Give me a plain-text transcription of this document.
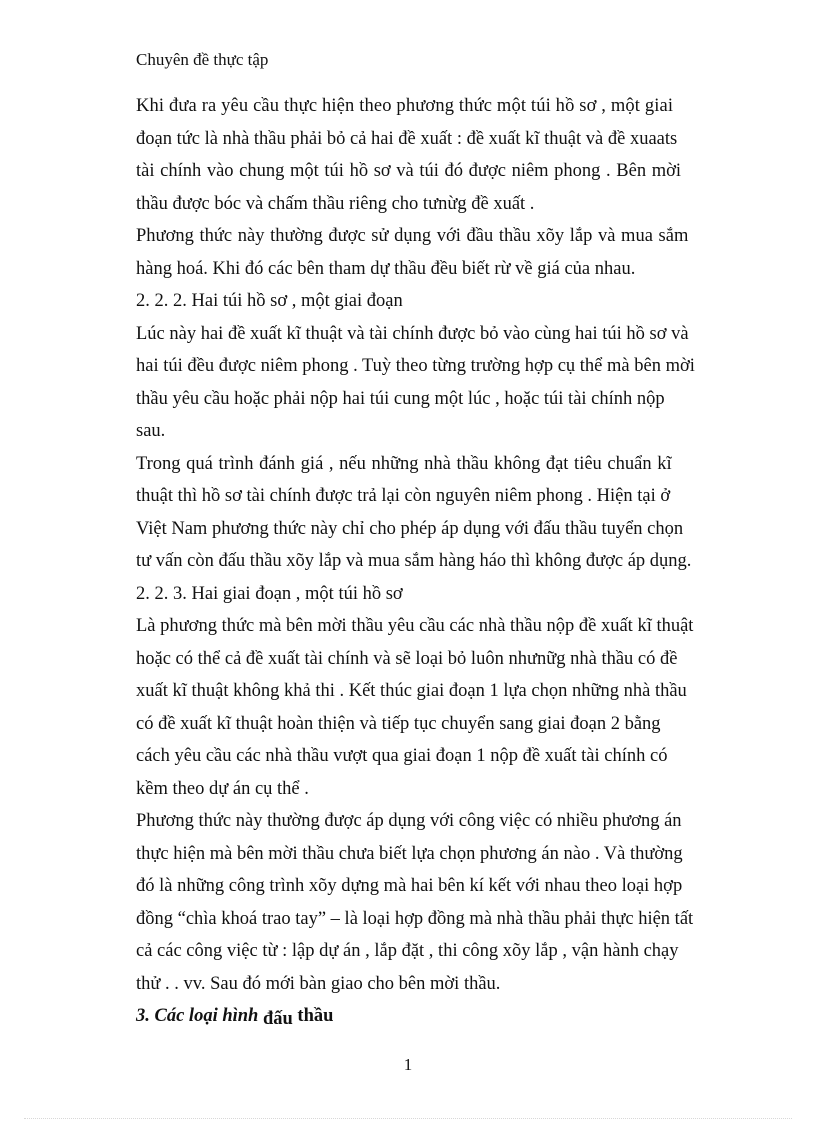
Chuyên đề thực tập
Khi đưa ra yêu cầu thực hiện theo phương thức một túi hồ sơ , một giai
đoạn tức là nhà thầu phải bỏ cả hai đề xuất : đề xuất kĩ thuật và đề xuaats
tài chính vào chung một túi hồ sơ và túi đó được niêm phong . Bên mời
thầu được bóc và chấm thầu riêng cho tưnừg đề xuất .
Phương thức này thường được sử dụng với đầu thầu xõy lắp và mua sắm
hàng hoá. Khi đó các bên tham dự thầu đều biết rừ về giá của nhau.
2. 2. 2. Hai túi hồ sơ , một giai đoạn
Lúc này hai đề xuất kĩ thuật và tài chính được bỏ vào cùng hai túi hồ sơ và
hai túi đều được niêm phong . Tuỳ theo từng trường hợp cụ thể mà bên mời
thầu yêu cầu hoặc phải nộp hai túi cung một lúc , hoặc túi tài chính nộp
sau.
Trong quá trình đánh giá , nếu những nhà thầu không đạt tiêu chuẩn kĩ
thuật thì hồ sơ tài chính được trả lại còn nguyên niêm phong . Hiện tại ở
Việt Nam phương thức này chỉ cho phép áp dụng với đấu thầu tuyển chọn
tư vấn còn đấu thầu xõy lắp và mua sắm hàng háo thì không được áp dụng.
2. 2. 3. Hai giai đoạn , một túi hồ sơ
Là phương thức mà bên mời thầu yêu cầu các nhà thầu nộp đề xuất kĩ thuật
hoặc có thể cả đề xuất tài chính và sẽ loại bỏ luôn nhưnữg nhà thầu có đề
xuất kĩ thuật không khả thi . Kết thúc giai đoạn 1 lựa chọn những nhà thầu
có đề xuất kĩ thuật hoàn thiện và tiếp tục chuyển sang giai đoạn 2 bằng
cách yêu cầu các nhà thầu vượt qua giai đoạn 1 nộp đề xuất tài chính có
kềm theo dự án cụ thể .
Phương thức này thường được áp dụng với công việc có nhiều phương án
thực hiện mà bên mời thầu chưa biết lựa chọn phương án nào . Và thường
đó là những công trình xõy dựng mà hai bên kí kết với nhau theo loại hợp
đồng “chìa khoá trao tay” – là loại hợp đồng mà nhà thầu phải thực hiện tất
cả các công việc từ : lập dự án , lắp đặt , thi công xõy lắp , vận hành chạy
thử . . vv. Sau đó mới bàn giao cho bên mời thầu.
3. Các loại hình đấu thầu
1
